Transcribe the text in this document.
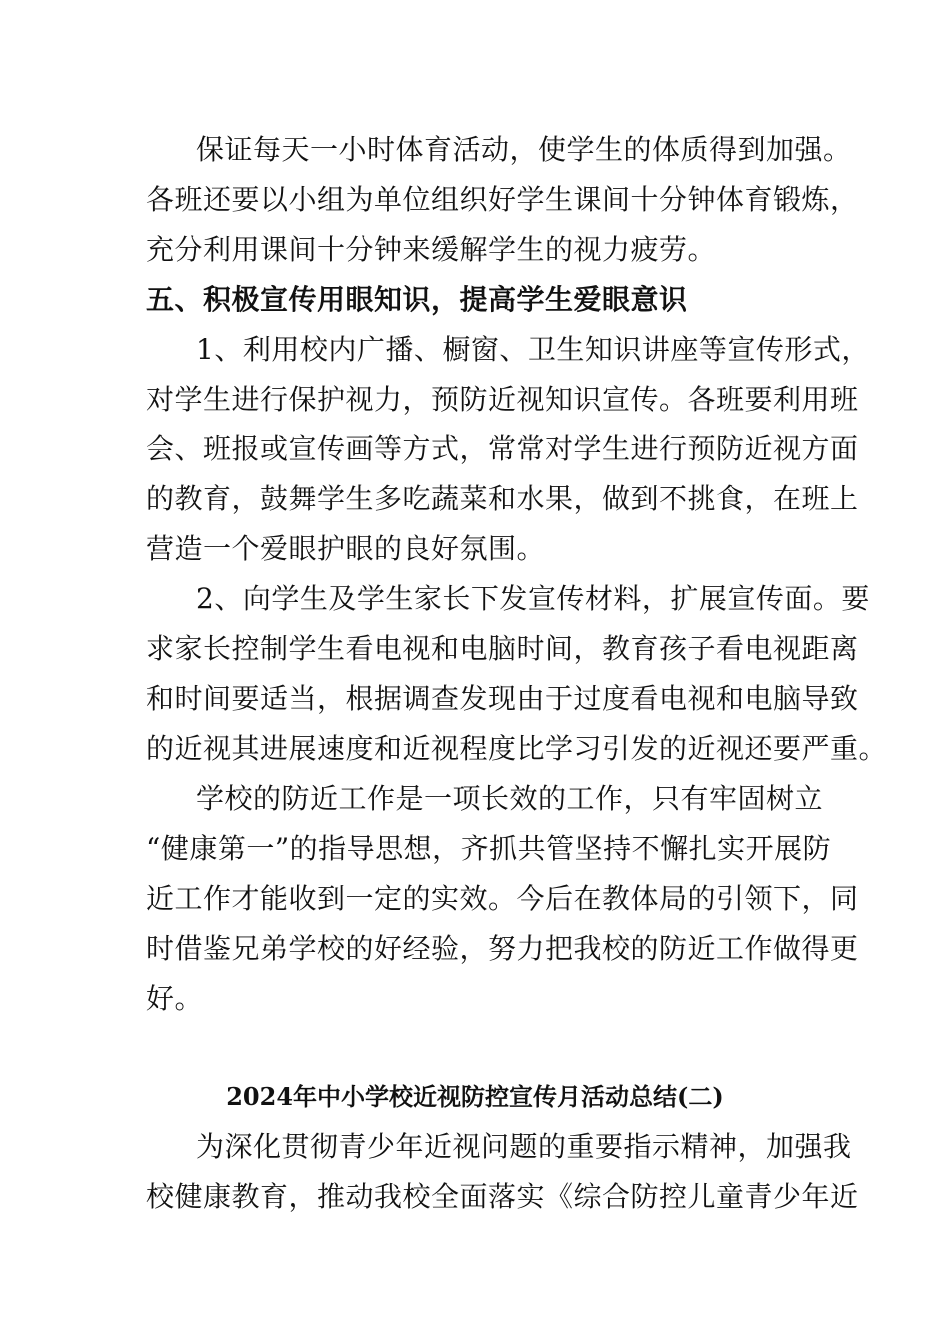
保证每天一小时体育活动，使学生的体质得到加强。
各班还要以小组为单位组织好学生课间十分钟体育锻炼，
充分利用课间十分钟来缓解学生的视力疲劳。
五、积极宣传用眼知识，提高学生爱眼意识
1、利用校内广播、橱窗、卫生知识讲座等宣传形式，
对学生进行保护视力，预防近视知识宣传。各班要利用班
会、班报或宣传画等方式，常常对学生进行预防近视方面
的教育，鼓舞学生多吃蔬菜和水果，做到不挑食，在班上
营造一个爱眼护眼的良好氛围。
2、向学生及学生家长下发宣传材料，扩展宣传面。要
求家长控制学生看电视和电脑时间，教育孩子看电视距离
和时间要适当，根据调查发现由于过度看电视和电脑导致
的近视其进展速度和近视程度比学习引发的近视还要严重。
学校的防近工作是一项长效的工作，只有牢固树立
“健康第一”的指导思想，齐抓共管坚持不懈扎实开展防
近工作才能收到一定的实效。今后在教体局的引领下，同
时借鉴兄弟学校的好经验，努力把我校的防近工作做得更
好。
2024年中小学校近视防控宣传月活动总结(二)
为深化贯彻青少年近视问题的重要指示精神，加强我
校健康教育，推动我校全面落实《综合防控儿童青少年近
